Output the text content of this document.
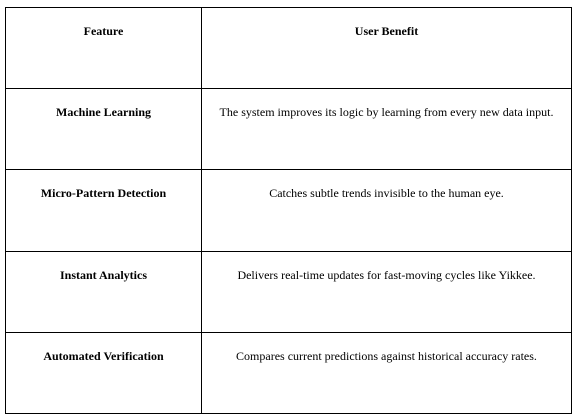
Feature	User Benefit
Machine Learning	The system improves its logic by learning from every new data input.
Micro-Pattern Detection	Catches subtle trends invisible to the human eye.
Instant Analytics	Delivers real-time updates for fast-moving cycles like Yikkee.
Automated Verification	Compares current predictions against historical accuracy rates.
